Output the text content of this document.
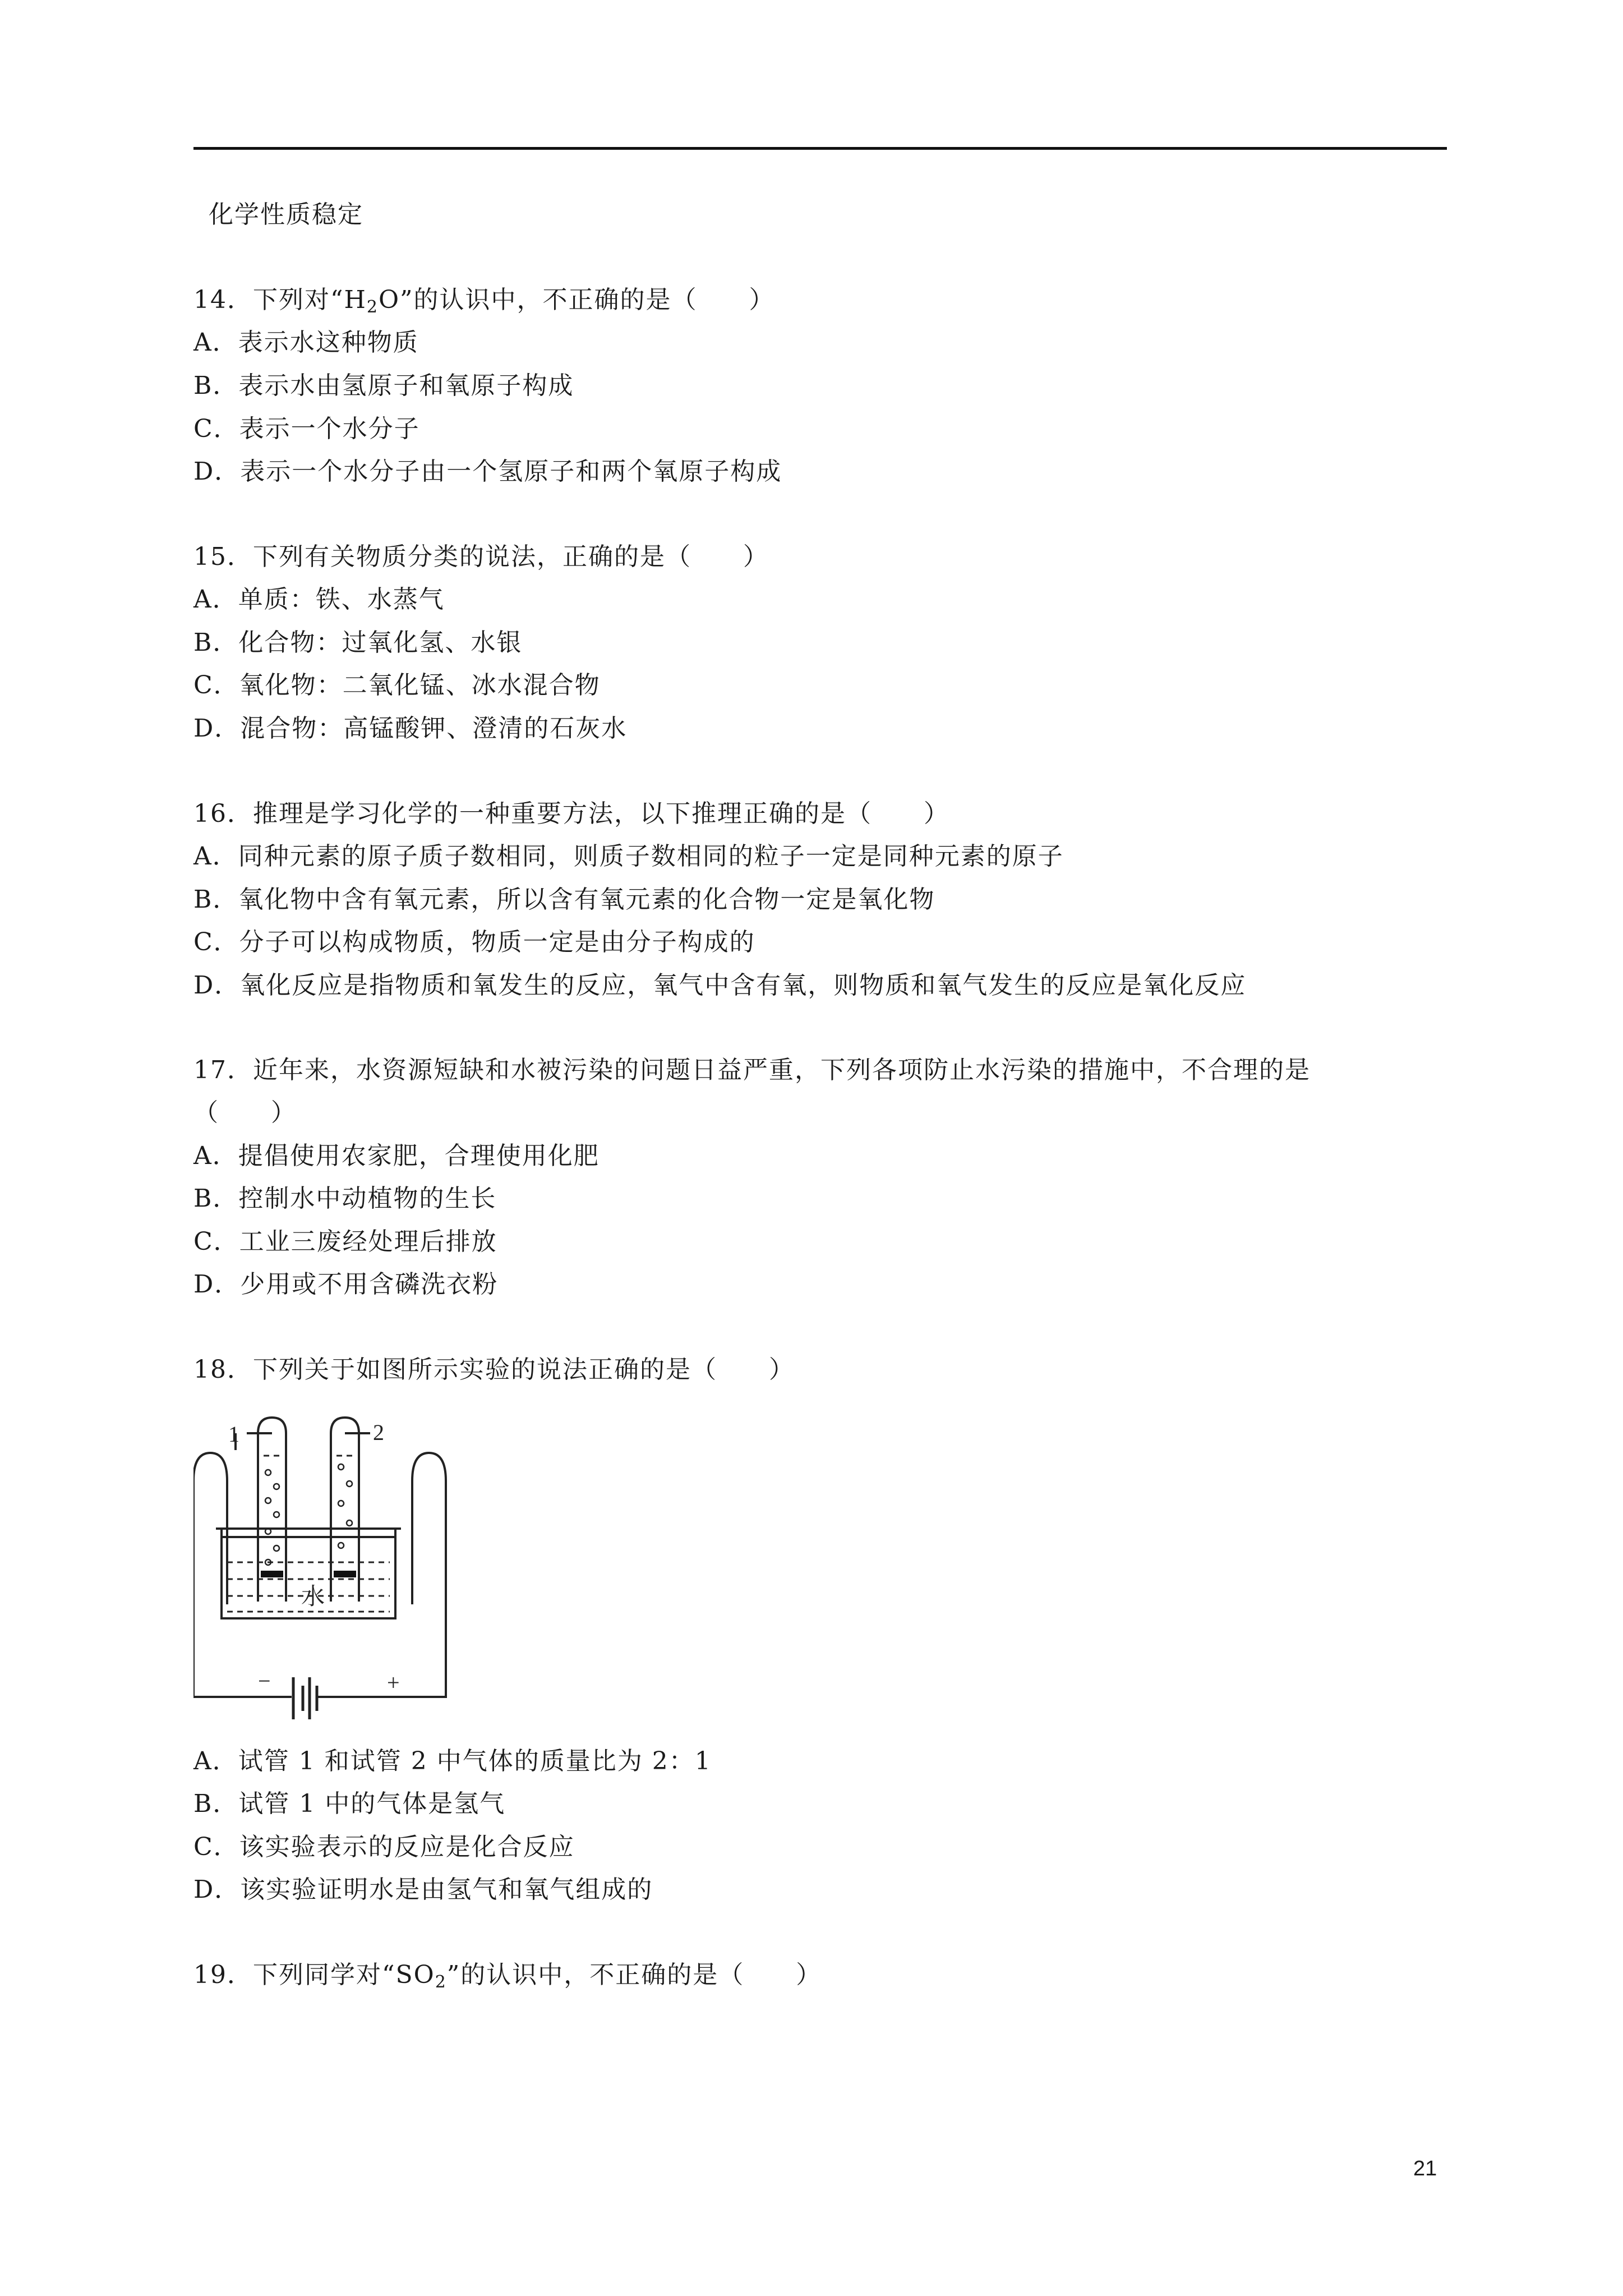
化学性质稳定
14．下列对“$H_2O$”的认识中，不正确的是（　　）
A．表示水这种物质
B．表示水由氢原子和氧原子构成
C．表示一个水分子
D．表示一个水分子由一个氢原子和两个氧原子构成
15．下列有关物质分类的说法，正确的是（　　）
A．单质：铁、水蒸气
B．化合物：过氧化氢、水银
C．氧化物：二氧化锰、冰水混合物
D．混合物：高锰酸钾、澄清的石灰水
16．推理是学习化学的一种重要方法，以下推理正确的是（　　）
A．同种元素的原子质子数相同，则质子数相同的粒子一定是同种元素的原子
B．氧化物中含有氧元素，所以含有氧元素的化合物一定是氧化物
C．分子可以构成物质，物质一定是由分子构成的
D．氧化反应是指物质和氧发生的反应，氧气中含有氧，则物质和氧气发生的反应是氧化反应
17．近年来，水资源短缺和水被污染的问题日益严重，下列各项防止水污染的措施中，不合理的是
（　　）
A．提倡使用农家肥，合理使用化肥
B．控制水中动植物的生长
C．工业三废经处理后排放
D．少用或不用含磷洗衣粉
18．下列关于如图所示实验的说法正确的是（　　）
1	2
−	+
水
A．试管 1 和试管 2 中气体的质量比为 2：1
B．试管 1 中的气体是氢气
C．该实验表示的反应是化合反应
D．该实验证明水是由氢气和氧气组成的
19．下列同学对“$SO_2$”的认识中，不正确的是（　　）
21
